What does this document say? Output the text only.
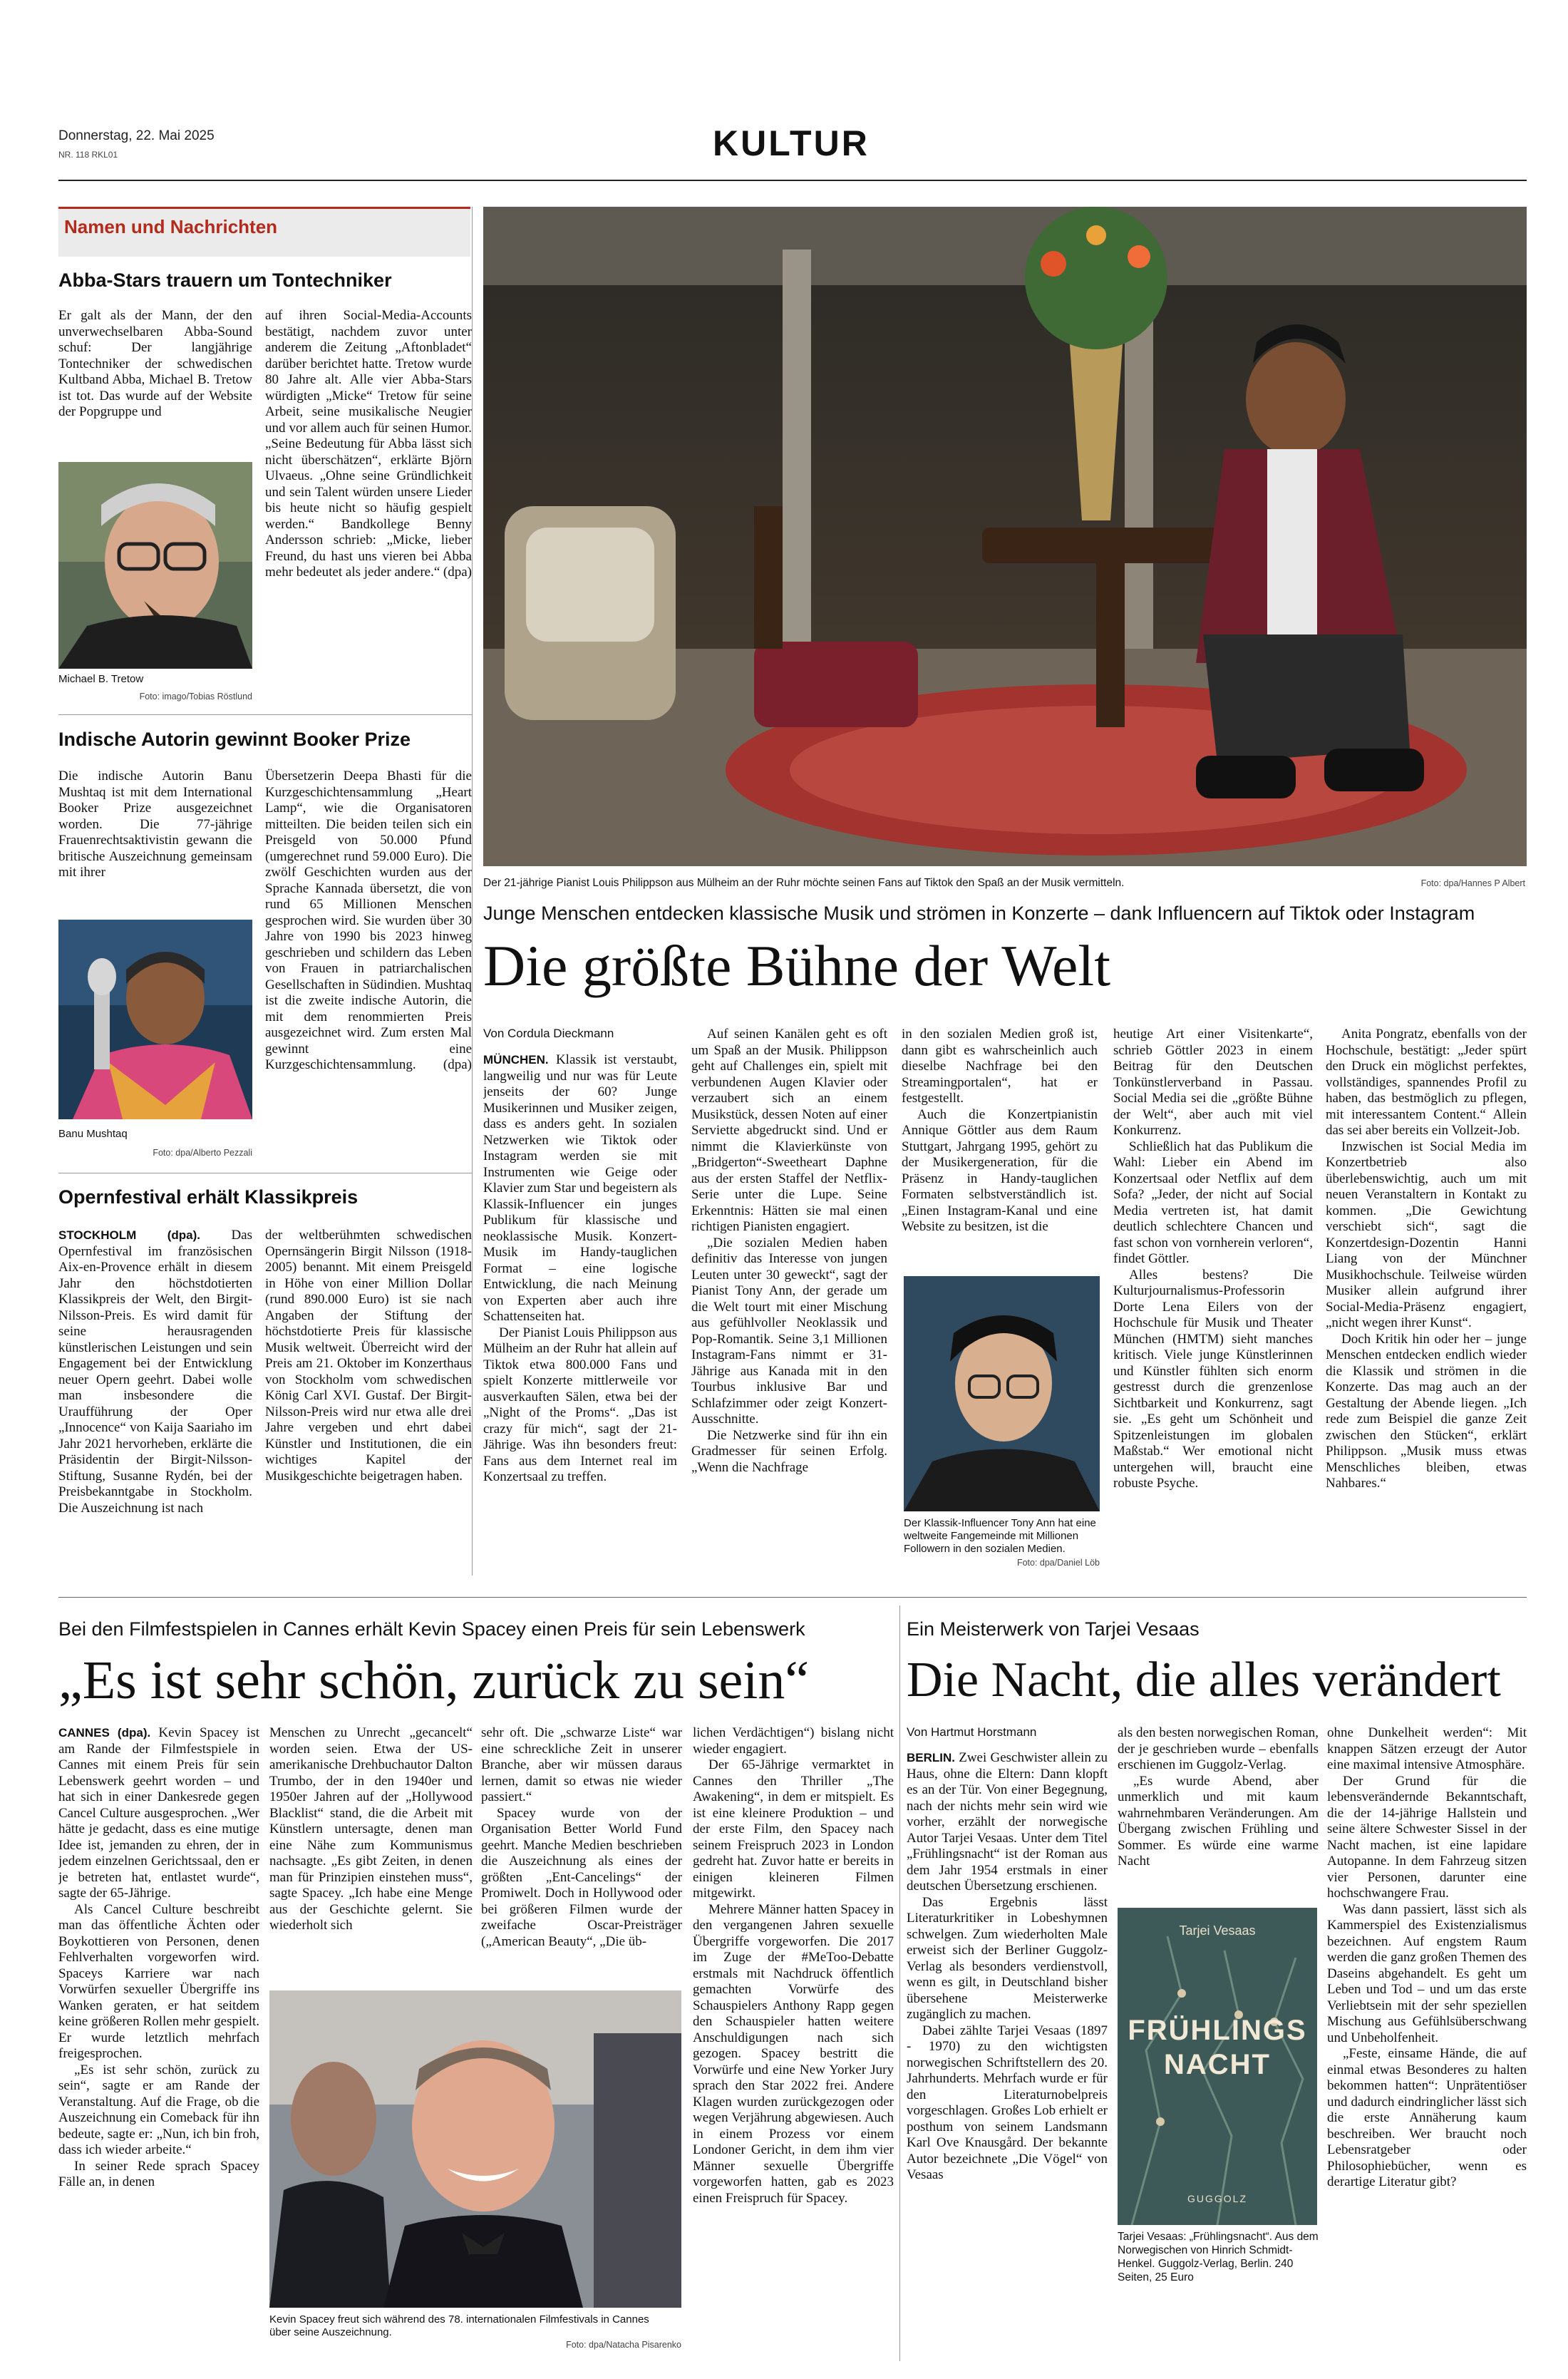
Donnerstag, 22. Mai 2025
NR. 118 RKL01	KULTUR
Namen und Nachrichten
Abba-Stars trauern um Tontechniker

Er galt als der Mann, der den unverwechselbaren Abba-Sound schuf: Der langjährige Tontechniker der schwedischen Kultband Abba, Michael B. Tretow ist tot. Das wurde auf der Website der Popgruppe und

Michael B. Tretow
Foto: imago/Tobias Röstlund

auf ihren Social-Media-Accounts bestätigt, nachdem zuvor unter anderem die Zeitung „Aftonbladet“ darüber berichtet hatte. Tretow wurde 80 Jahre alt. Alle vier Abba-Stars würdigten „Micke“ Tretow für seine Arbeit, seine musikalische Neugier und vor allem auch für seinen Humor. „Seine Bedeutung für Abba lässt sich nicht überschätzen“, erklärte Björn Ulvaeus. „Ohne seine Gründlichkeit und sein Talent würden unsere Lieder bis heute nicht so häufig gespielt werden.“ Bandkollege Benny Andersson schrieb: „Micke, lieber Freund, du hast uns vieren bei Abba mehr bedeutet als jeder andere.“ (dpa)

Indische Autorin gewinnt Booker Prize

Die indische Autorin Banu Mushtaq ist mit dem International Booker Prize ausgezeichnet worden. Die 77-jährige Frauenrechtsaktivistin gewann die britische Auszeichnung gemeinsam mit ihrer

Banu Mushtaq
Foto: dpa/Alberto Pezzali

Übersetzerin Deepa Bhasti für die Kurzgeschichtensammlung „Heart Lamp“, wie die Organisatoren mitteilten. Die beiden teilen sich ein Preisgeld von 50.000 Pfund (umgerechnet rund 59.000 Euro). Die zwölf Geschichten wurden aus der Sprache Kannada übersetzt, die von rund 65 Millionen Menschen gesprochen wird. Sie wurden über 30 Jahre von 1990 bis 2023 hinweg geschrieben und schildern das Leben von Frauen in patriarchalischen Gesellschaften in Südindien. Mushtaq ist die zweite indische Autorin, die mit dem renommierten Preis ausgezeichnet wird. Zum ersten Mal gewinnt eine Kurzgeschichtensammlung. (dpa)

Opernfestival erhält Klassikpreis

STOCKHOLM (dpa). Das Opernfestival im französischen Aix-en-Provence erhält in diesem Jahr den höchstdotierten Klassikpreis der Welt, den Birgit-Nilsson-Preis. Es wird damit für seine herausragenden künstlerischen Leistungen und sein Engagement bei der Entwicklung neuer Opern geehrt. Dabei wolle man insbesondere die Uraufführung der Oper „Innocence“ von Kaija Saariaho im Jahr 2021 hervorheben, erklärte die Präsidentin der Birgit-Nilsson-Stiftung, Susanne Rydén, bei der Preisbekanntgabe in Stockholm. Die Auszeichnung ist nach

der weltberühmten schwedischen Opernsängerin Birgit Nilsson (1918-2005) benannt. Mit einem Preisgeld in Höhe von einer Million Dollar (rund 890.000 Euro) ist sie nach Angaben der Stiftung der höchstdotierte Preis für klassische Musik weltweit. Überreicht wird der Preis am 21. Oktober im Konzerthaus von Stockholm vom schwedischen König Carl XVI. Gustaf. Der Birgit-Nilsson-Preis wird nur etwa alle drei Jahre vergeben und ehrt dabei Künstler und Institutionen, die ein wichtiges Kapitel der Musikgeschichte beigetragen haben.

Der 21-jährige Pianist Louis Philippson aus Mülheim an der Ruhr möchte seinen Fans auf Tiktok den Spaß an der Musik vermitteln.	Foto: dpa/Hannes P Albert
Junge Menschen entdecken klassische Musik und strömen in Konzerte – dank Influencern auf Tiktok oder Instagram
Die größte Bühne der Welt
Von Cordula Dieckmann

MÜNCHEN. Klassik ist verstaubt, langweilig und nur was für Leute jenseits der 60? Junge Musikerinnen und Musiker zeigen, dass es anders geht. In sozialen Netzwerken wie Tiktok oder Instagram werden sie mit Instrumenten wie Geige oder Klavier zum Star und begeistern als Klassik-Influencer ein junges Publikum für klassische und neoklassische Musik. Konzert-Musik im Handy-tauglichen Format – eine logische Entwicklung, die nach Meinung von Experten aber auch ihre Schattenseiten hat.

Der Pianist Louis Philippson aus Mülheim an der Ruhr hat allein auf Tiktok etwa 800.000 Fans und spielt Konzerte mittlerweile vor ausverkauften Sälen, etwa bei der „Night of the Proms“. „Das ist crazy für mich“, sagt der 21-Jährige. Was ihn besonders freut: Fans aus dem Internet real im Konzertsaal zu treffen.

Auf seinen Kanälen geht es oft um Spaß an der Musik. Philippson geht auf Challenges ein, spielt mit verbundenen Augen Klavier oder verzaubert sich an einem Musikstück, dessen Noten auf einer Serviette abgedruckt sind. Und er nimmt die Klavierkünste von „Bridgerton“-Sweetheart Daphne aus der ersten Staffel der Netflix-Serie unter die Lupe. Seine Erkenntnis: Hätten sie mal einen richtigen Pianisten engagiert.

„Die sozialen Medien haben definitiv das Interesse von jungen Leuten unter 30 geweckt“, sagt der Pianist Tony Ann, der gerade um die Welt tourt mit einer Mischung aus gefühlvoller Neoklassik und Pop-Romantik. Seine 3,1 Millionen Instagram-Fans nimmt er 31-Jährige aus Kanada mit in den Tourbus inklusive Bar und Schlafzimmer oder zeigt Konzert-Ausschnitte.

Die Netzwerke sind für ihn ein Gradmesser für seinen Erfolg. „Wenn die Nachfrage

in den sozialen Medien groß ist, dann gibt es wahrscheinlich auch dieselbe Nachfrage bei den Streamingportalen“, hat er festgestellt.

Auch die Konzertpianistin Annique Göttler aus dem Raum Stuttgart, Jahrgang 1995, gehört zu der Musikergeneration, für die Präsenz in Handy-tauglichen Formaten selbstverständlich ist. „Einen Instagram-Kanal und eine Website zu besitzen, ist die

Der Klassik-Influencer Tony Ann hat eine weltweite Fangemeinde mit Millionen Followern in den sozialen Medien.
Foto: dpa/Daniel Löb

heutige Art einer Visitenkarte“, schrieb Göttler 2023 in einem Beitrag für den Deutschen Tonkünstlerverband in Passau. Social Media sei die „größte Bühne der Welt“, aber auch mit viel Konkurrenz.

Schließlich hat das Publikum die Wahl: Lieber ein Abend im Konzertsaal oder Netflix auf dem Sofa? „Jeder, der nicht auf Social Media vertreten ist, hat damit deutlich schlechtere Chancen und fast schon von vornherein verloren“, findet Göttler.

Alles bestens? Die Kulturjournalismus-Professorin Dorte Lena Eilers von der Hochschule für Musik und Theater München (HMTM) sieht manches kritisch. Viele junge Künstlerinnen und Künstler fühlten sich enorm gestresst durch die grenzenlose Sichtbarkeit und Konkurrenz, sagt sie. „Es geht um Schönheit und Spitzenleistungen im globalen Maßstab.“ Wer emotional nicht untergehen will, braucht eine robuste Psyche.

Anita Pongratz, ebenfalls von der Hochschule, bestätigt: „Jeder spürt den Druck ein möglichst perfektes, vollständiges, spannendes Profil zu haben, das bestmöglich zu pflegen, mit interessantem Content.“ Allein das sei aber bereits ein Vollzeit-Job.

Inzwischen ist Social Media im Konzertbetrieb also überlebenswichtig, auch um mit neuen Veranstaltern in Kontakt zu kommen. „Die Gewichtung verschiebt sich“, sagt die Konzertdesign-Dozentin Hanni Liang von der Münchner Musikhochschule. Teilweise würden Musiker allein aufgrund ihrer Social-Media-Präsenz engagiert, „nicht wegen ihrer Kunst“.

Doch Kritik hin oder her – junge Menschen entdecken endlich wieder die Klassik und strömen in die Konzerte. Das mag auch an der Gestaltung der Abende liegen. „Ich rede zum Beispiel die ganze Zeit zwischen den Stücken“, erklärt Philippson. „Musik muss etwas Menschliches bleiben, etwas Nahbares.“

Bei den Filmfestspielen in Cannes erhält Kevin Spacey einen Preis für sein Lebenswerk
„Es ist sehr schön, zurück zu sein“

CANNES (dpa). Kevin Spacey ist am Rande der Filmfestspiele in Cannes mit einem Preis für sein Lebenswerk geehrt worden – und hat sich in einer Dankesrede gegen Cancel Culture ausgesprochen. „Wer hätte je gedacht, dass es eine mutige Idee ist, jemanden zu ehren, der in jedem einzelnen Gerichtssaal, den er je betreten hat, entlastet wurde“, sagte der 65-Jährige.

Als Cancel Culture beschreibt man das öffentliche Ächten oder Boykottieren von Personen, denen Fehlverhalten vorgeworfen wird. Spaceys Karriere war nach Vorwürfen sexueller Übergriffe ins Wanken geraten, er hat seitdem keine größeren Rollen mehr gespielt. Er wurde letztlich mehrfach freigesprochen.

„Es ist sehr schön, zurück zu sein“, sagte er am Rande der Veranstaltung. Auf die Frage, ob die Auszeichnung ein Comeback für ihn bedeute, sagte er: „Nun, ich bin froh, dass ich wieder arbeite.“

In seiner Rede sprach Spacey Fälle an, in denen

Menschen zu Unrecht „gecancelt“ worden seien. Etwa der US-amerikanische Drehbuchautor Dalton Trumbo, der in den 1940er und 1950er Jahren auf der „Hollywood Blacklist“ stand, die die Arbeit mit Künstlern untersagte, denen man eine Nähe zum Kommunismus nachsagte. „Es gibt Zeiten, in denen man für Prinzipien einstehen muss“, sagte Spacey. „Ich habe eine Menge aus der Geschichte gelernt. Sie wiederholt sich

sehr oft. Die „schwarze Liste“ war eine schreckliche Zeit in unserer Branche, aber wir müssen daraus lernen, damit so etwas nie wieder passiert.“

Spacey wurde von der Organisation Better World Fund geehrt. Manche Medien beschrieben die Auszeichnung als eines der größten „Ent-Cancelings“ der Promiwelt. Doch in Hollywood oder bei größeren Filmen wurde der zweifache Oscar-Preisträger („American Beauty“, „Die üb-

Kevin Spacey freut sich während des 78. internationalen Filmfestivals in Cannes über seine Auszeichnung.
Foto: dpa/Natacha Pisarenko

lichen Verdächtigen“) bislang nicht wieder engagiert.

Der 65-Jährige vermarktet in Cannes den Thriller „The Awakening“, in dem er mitspielt. Es ist eine kleinere Produktion – und der erste Film, den Spacey nach seinem Freispruch 2023 in London gedreht hat. Zuvor hatte er bereits in einigen kleineren Filmen mitgewirkt.

Mehrere Männer hatten Spacey in den vergangenen Jahren sexuelle Übergriffe vorgeworfen. Die 2017 im Zuge der #MeToo-Debatte erstmals mit Nachdruck öffentlich gemachten Vorwürfe des Schauspielers Anthony Rapp gegen den Schauspieler hatten weitere Anschuldigungen nach sich gezogen. Spacey bestritt die Vorwürfe und eine New Yorker Jury sprach den Star 2022 frei. Andere Klagen wurden zurückgezogen oder wegen Verjährung abgewiesen. Auch in einem Prozess vor einem Londoner Gericht, in dem ihm vier Männer sexuelle Übergriffe vorgeworfen hatten, gab es 2023 einen Freispruch für Spacey.

Ein Meisterwerk von Tarjei Vesaas
Die Nacht, die alles verändert
Von Hartmut Horstmann

BERLIN. Zwei Geschwister allein zu Haus, ohne die Eltern: Dann klopft es an der Tür. Von einer Begegnung, nach der nichts mehr sein wird wie vorher, erzählt der norwegische Autor Tarjei Vesaas. Unter dem Titel „Frühlingsnacht“ ist der Roman aus dem Jahr 1954 erstmals in einer deutschen Übersetzung erschienen.

Das Ergebnis lässt Literaturkritiker in Lobeshymnen schwelgen. Zum wiederholten Male erweist sich der Berliner Guggolz-Verlag als besonders verdienstvoll, wenn es gilt, in Deutschland bisher übersehene Meisterwerke zugänglich zu machen.

Dabei zählte Tarjei Vesaas (1897 - 1970) zu den wichtigsten norwegischen Schriftstellern des 20. Jahrhunderts. Mehrfach wurde er für den Literaturnobelpreis vorgeschlagen. Großes Lob erhielt er posthum von seinem Landsmann Karl Ove Knausgård. Der bekannte Autor bezeichnete „Die Vögel“ von Vesaas

als den besten norwegischen Roman, der je geschrieben wurde – ebenfalls erschienen im Guggolz-Verlag.

„Es wurde Abend, aber unmerklich und mit kaum wahrnehmbaren Veränderungen. Am Übergang zwischen Frühling und Sommer. Es würde eine warme Nacht

Tarjei Vesaas
FRÜHLINGS
NACHT
GUGGOLZ
Tarjei Vesaas: „Frühlingsnacht“. Aus dem Norwegischen von Hinrich Schmidt-Henkel. Guggolz-Verlag, Berlin. 240 Seiten, 25 Euro

ohne Dunkelheit werden“: Mit knappen Sätzen erzeugt der Autor eine maximal intensive Atmosphäre.

Der Grund für die lebensverändernde Bekanntschaft, die der 14-jährige Hallstein und seine ältere Schwester Sissel in der Nacht machen, ist eine lapidare Autopanne. In dem Fahrzeug sitzen vier Personen, darunter eine hochschwangere Frau.

Was dann passiert, lässt sich als Kammerspiel des Existenzialismus bezeichnen. Auf engstem Raum werden die ganz großen Themen des Daseins abgehandelt. Es geht um Leben und Tod – und um das erste Verliebtsein mit der sehr speziellen Mischung aus Gefühlsüberschwang und Unbeholfenheit.

„Feste, einsame Hände, die auf einmal etwas Besonderes zu halten bekommen hatten“: Unprätentiöser und dadurch eindringlicher lässt sich die erste Annäherung kaum beschreiben. Wer braucht noch Lebensratgeber oder Philosophiebücher, wenn es derartige Literatur gibt?
